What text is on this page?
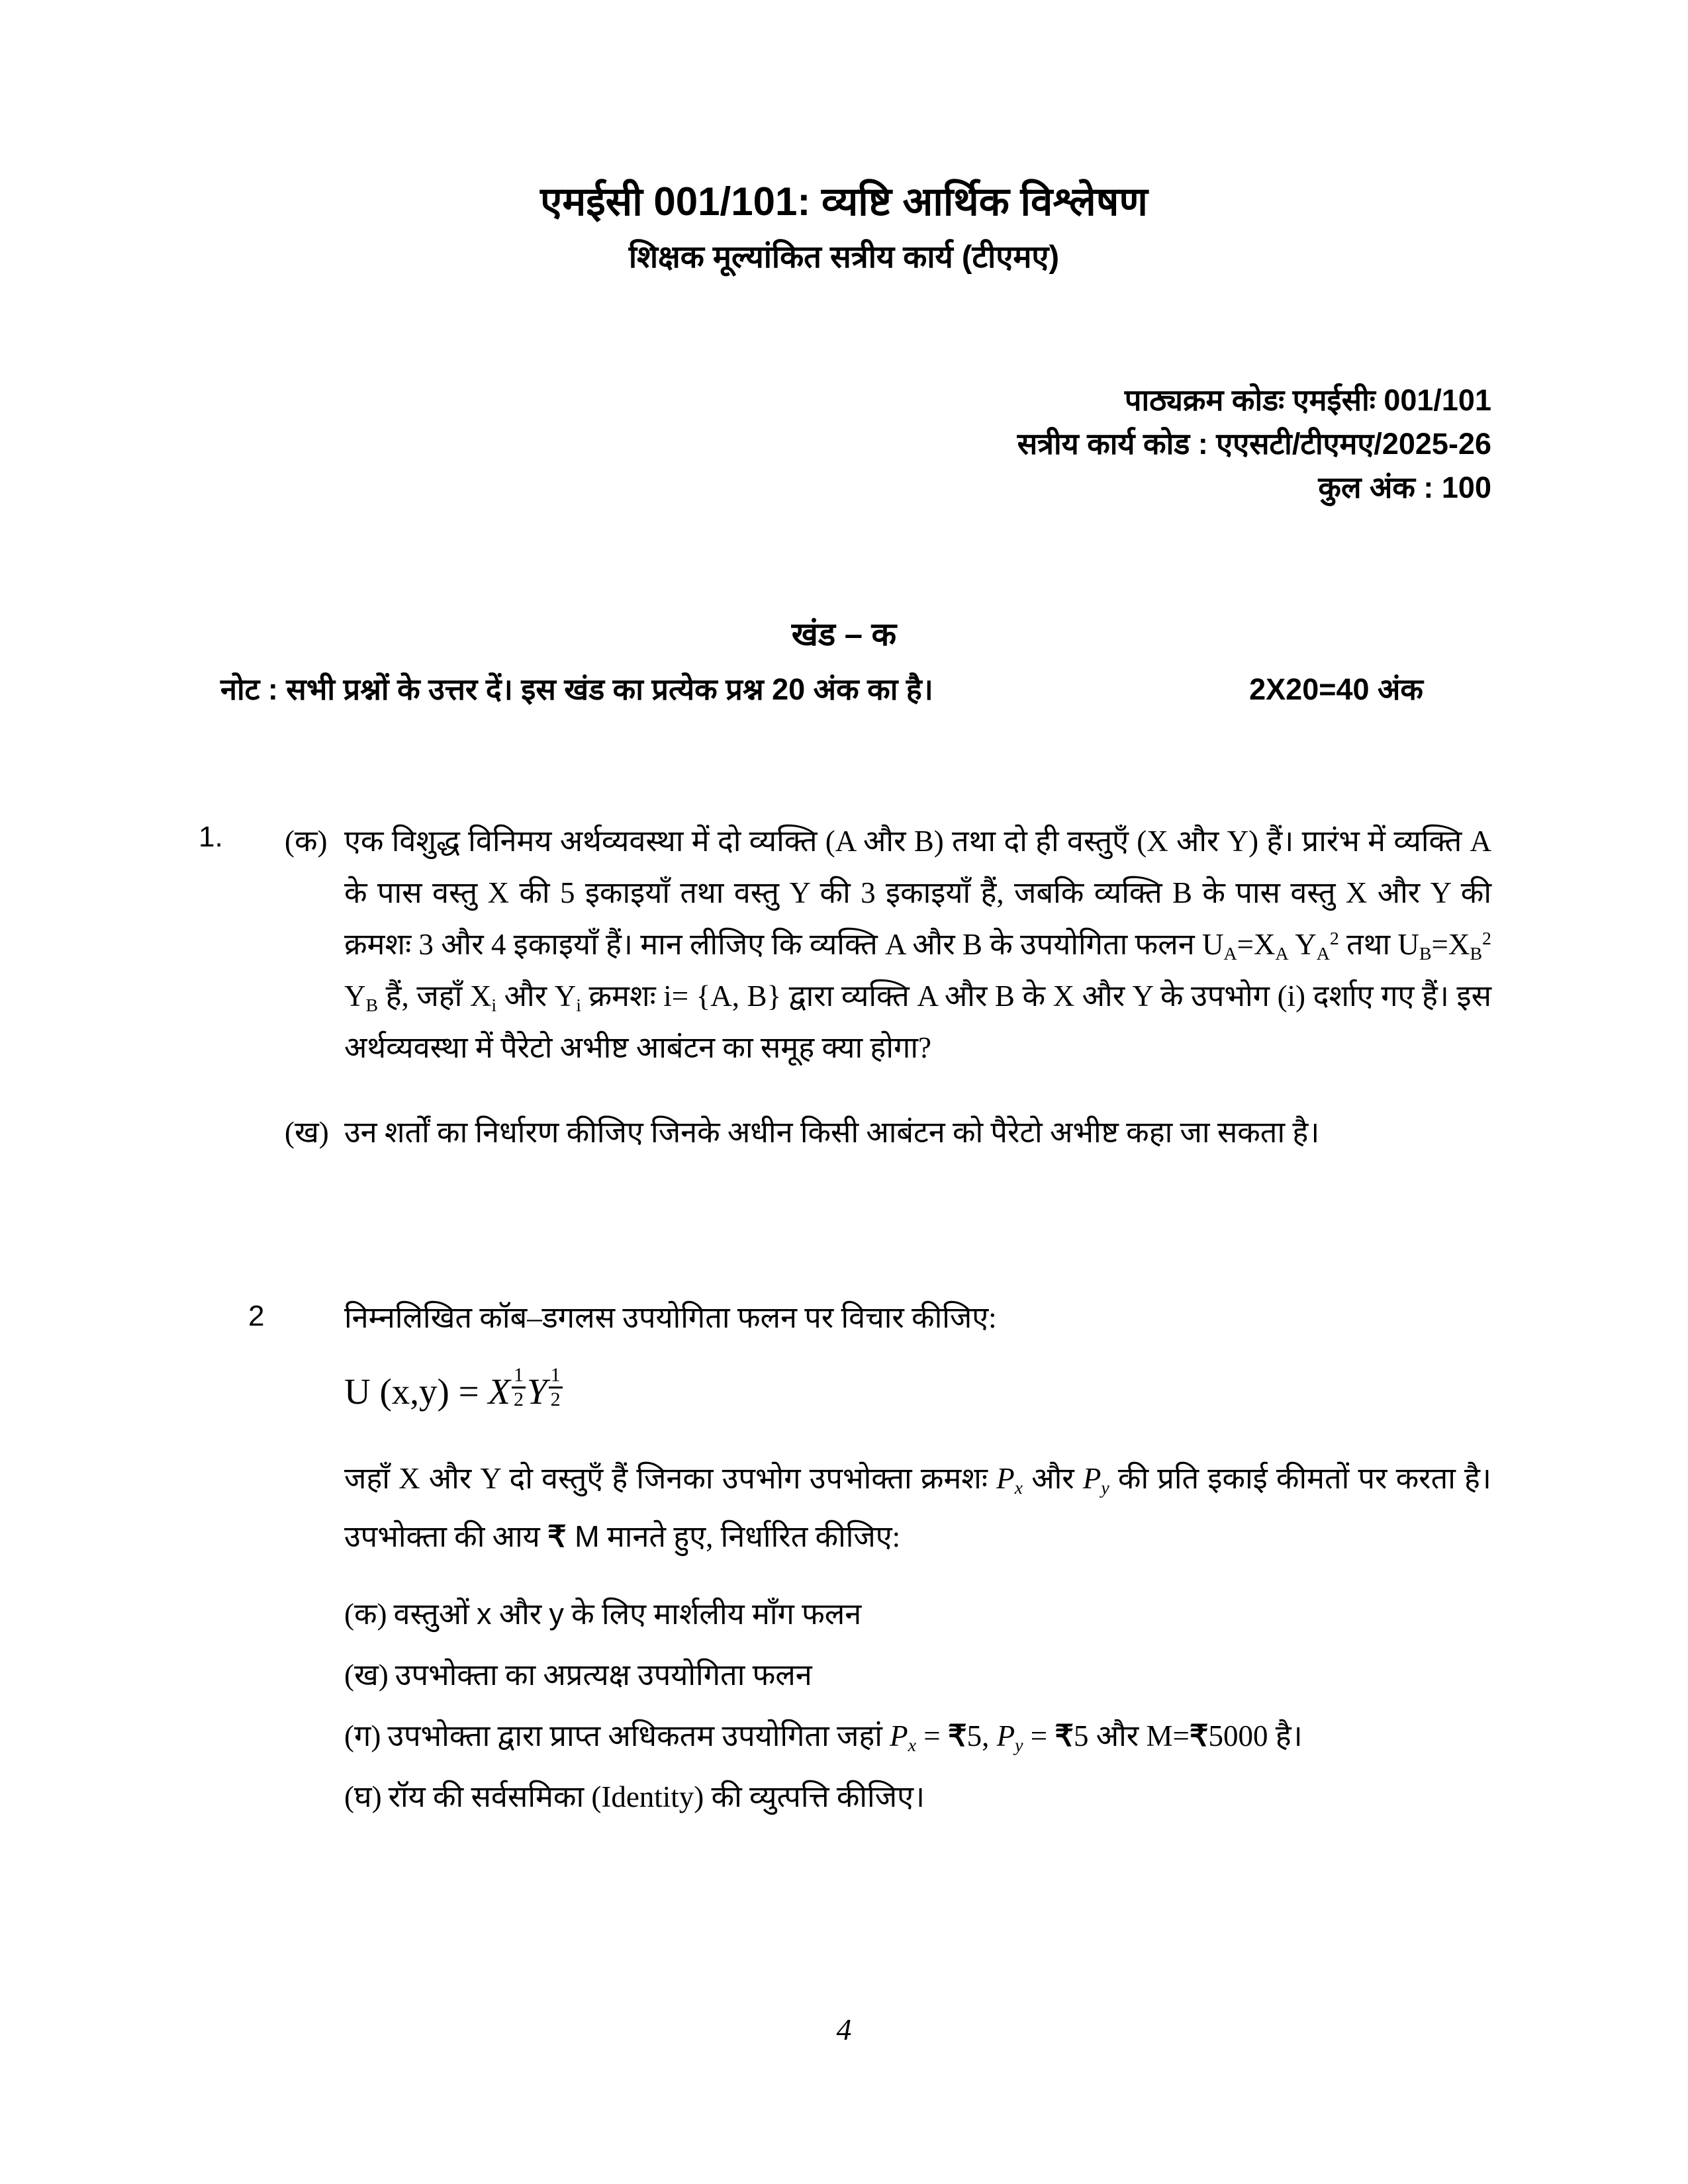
एमईसी 001/101: व्यष्टि आर्थिक विश्लेषण
शिक्षक मूल्यांकित सत्रीय कार्य (टीएमए)
पाठ्यक्रम कोडः एमईसीः 001/101
सत्रीय कार्य कोड : एएसटी/टीएमए/2025-26
कुल अंक : 100
खंड – क
नोट : सभी प्रश्नों के उत्तर दें। इस खंड का प्रत्येक प्रश्न 20 अंक का है।	2X20=40 अंक
1. (क) एक विशुद्ध विनिमय अर्थव्यवस्था में दो व्यक्ति (A और B) तथा दो ही वस्तुएँ (X और Y) हैं। प्रारंभ में व्यक्ति A के पास वस्तु X की 5 इकाइयाँ तथा वस्तु Y की 3 इकाइयाँ हैं, जबकि व्यक्ति B के पास वस्तु X और Y की क्रमशः 3 और 4 इकाइयाँ हैं। मान लीजिए कि व्यक्ति A और B के उपयोगिता फलन $U_A=X_A$ $Y_A^2$ तथा $U_B=X_B^2$ $Y_B$ हैं, जहाँ $X_i$ और $Y_i$ क्रमशः i= {A, B} द्वारा व्यक्ति A और B के X और Y के उपभोग (i) दर्शाए गए हैं। इस अर्थव्यवस्था में पैरेटो अभीष्ट आबंटन का समूह क्या होगा?

(ख) उन शर्तों का निर्धारण कीजिए जिनके अधीन किसी आबंटन को पैरेटो अभीष्ट कहा जा सकता है।

2	निम्नलिखित कॉब–डगलस उपयोगिता फलन पर विचार कीजिए:

U (x,y) = X $\frac{1}{2}$ Y $\frac{1}{2}$

जहाँ X और Y दो वस्तुएँ हैं जिनका उपभोग उपभोक्ता क्रमशः $P_x$ और $P_y$ की प्रति इकाई कीमतों पर करता है। उपभोक्ता की आय ₹ M मानते हुए, निर्धारित कीजिए:

(क) वस्तुओं x और y के लिए मार्शलीय माँग फलन
(ख) उपभोक्ता का अप्रत्यक्ष उपयोगिता फलन
(ग) उपभोक्ता द्वारा प्राप्त अधिकतम उपयोगिता जहां $P_x$ = ₹5, $P_y$ = ₹5 और M=₹5000 है।
(घ) रॉय की सर्वसमिका (Identity) की व्युत्पत्ति कीजिए।
4
